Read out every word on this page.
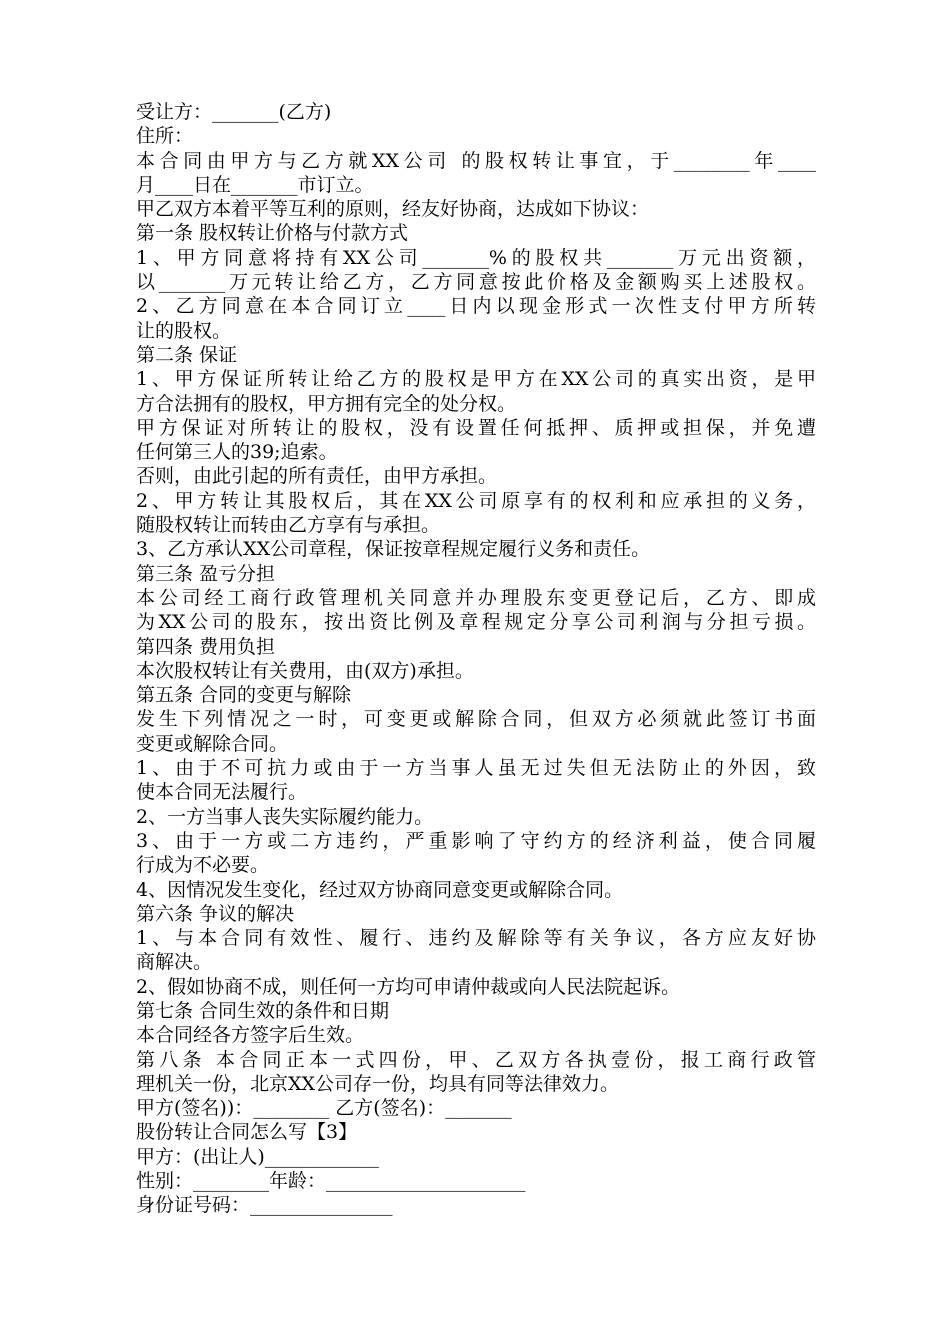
受让方：_______(乙方)
住所：
本合同由甲方与乙方就XX公司 的股权转让事宜，于________年____
月____日在_______市订立。
甲乙双方本着平等互利的原则，经友好协商，达成如下协议：
第一条 股权转让价格与付款方式
1、甲方同意将持有XX公司_______%的股权共_______万元出资额，
以_______万元转让给乙方，乙方同意按此价格及金额购买上述股权。
2、乙方同意在本合同订立____日内以现金形式一次性支付甲方所转
让的股权。
第二条 保证
1、甲方保证所转让给乙方的股权是甲方在XX公司的真实出资，是甲
方合法拥有的股权，甲方拥有完全的处分权。
甲方保证对所转让的股权，没有设置任何抵押、质押或担保，并免遭
任何第三人的39;追索。
否则，由此引起的所有责任，由甲方承担。
2、甲方转让其股权后，其在XX公司原享有的权利和应承担的义务，
随股权转让而转由乙方享有与承担。
3、乙方承认XX公司章程，保证按章程规定履行义务和责任。
第三条 盈亏分担
本公司经工商行政管理机关同意并办理股东变更登记后，乙方、即成
为XX公司的股东，按出资比例及章程规定分享公司利润与分担亏损。
第四条 费用负担
本次股权转让有关费用，由(双方)承担。
第五条 合同的变更与解除
发生下列情况之一时，可变更或解除合同，但双方必须就此签订书面
变更或解除合同。
1、由于不可抗力或由于一方当事人虽无过失但无法防止的外因，致
使本合同无法履行。
2、一方当事人丧失实际履约能力。
3、由于一方或二方违约，严重影响了守约方的经济利益，使合同履
行成为不必要。
4、因情况发生变化，经过双方协商同意变更或解除合同。
第六条 争议的解决
1、与本合同有效性、履行、违约及解除等有关争议，各方应友好协
商解决。
2、假如协商不成，则任何一方均可申请仲裁或向人民法院起诉。
第七条 合同生效的条件和日期
本合同经各方签字后生效。
第八条 本合同正本一式四份，甲、乙双方各执壹份，报工商行政管
理机关一份，北京XX公司存一份，均具有同等法律效力。
甲方(签名))：________ 乙方(签名)：_______
股份转让合同怎么写【3】
甲方：(出让人)____________
性别：________年龄：_____________________
身份证号码：_______________
